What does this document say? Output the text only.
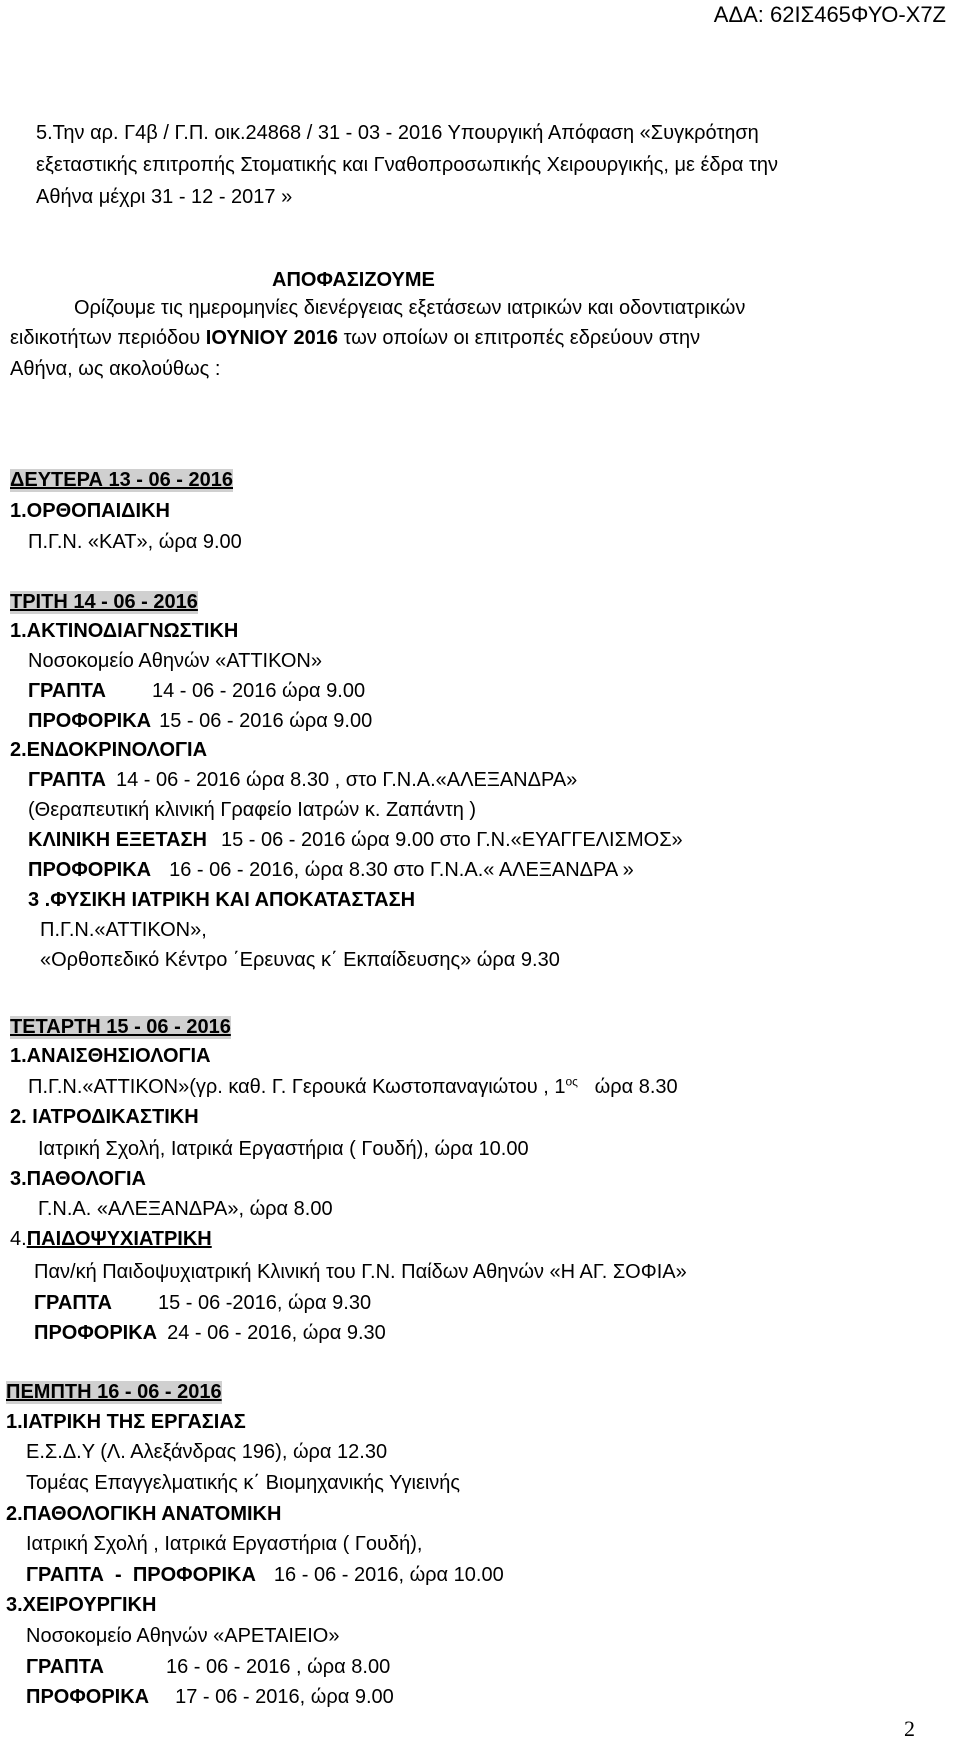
ΑΔΑ: 62ΙΣ465ΦΥΟ-Χ7Ζ
5.Την αρ. Γ4β / Γ.Π. οικ.24868 / 31 - 03 - 2016 Υπουργική Απόφαση «Συγκρότηση
εξεταστικής επιτροπής Στοματικής και Γναθοπροσωπικής Χειρουργικής, με έδρα την
Αθήνα μέχρι 31 - 12 - 2017 »
ΑΠΟΦΑΣΙΖΟΥΜΕ
Ορίζουμε τις ημερομηνίες διενέργειας εξετάσεων ιατρικών και οδοντιατρικών
ειδικοτήτων περιόδου ΙΟΥΝΙΟΥ 2016 των οποίων οι επιτροπές εδρεύουν στην
Αθήνα, ως ακολούθως :
ΔΕΥΤΕΡΑ 13 - 06 - 2016
1.ΟΡΘΟΠΑΙΔΙΚΗ
Π.Γ.Ν. «ΚΑΤ», ώρα 9.00
ΤΡΙΤΗ 14 - 06 - 2016
1.ΑΚΤΙΝΟΔΙΑΓΝΩΣΤΙΚΗ
Νοσοκομείο Αθηνών «ΑΤΤΙΚΟΝ»
ΓΡΑΠΤΑ 14 - 06 - 2016 ώρα 9.00
ΠΡΟΦΟΡΙΚΑ 15 - 06 - 2016 ώρα 9.00
2.ΕΝΔΟΚΡΙΝΟΛΟΓΙΑ
ΓΡΑΠΤΑ 14 - 06 - 2016 ώρα 8.30 , στο Γ.Ν.Α.«ΑΛΕΞΑΝΔΡΑ»
(Θεραπευτική κλινική Γραφείο Ιατρών κ. Ζαπάντη )
ΚΛΙΝΙΚΗ ΕΞΕΤΑΣΗ 15 - 06 - 2016 ώρα 9.00 στο Γ.Ν.«ΕΥΑΓΓΕΛΙΣΜΟΣ»
ΠΡΟΦΟΡΙΚΑ 16 - 06 - 2016, ώρα 8.30 στο Γ.Ν.Α.« ΑΛΕΞΑΝΔΡΑ »
3 .ΦΥΣΙΚΗ ΙΑΤΡΙΚΗ ΚΑΙ ΑΠΟΚΑΤΑΣΤΑΣΗ
Π.Γ.Ν.«ΑΤΤΙΚΟΝ»,
«Ορθοπεδικό Κέντρο ΄Ερευνας κ΄ Εκπαίδευσης» ώρα 9.30
ΤΕΤΑΡΤΗ 15 - 06 - 2016
1.ΑΝΑΙΣΘΗΣΙΟΛΟΓΙΑ
Π.Γ.Ν.«ΑΤΤΙΚΟΝ»(γρ. καθ. Γ. Γερουκά Κωστοπαναγιώτου , $1^{o\varsigma}$   ώρα 8.30
2. ΙΑΤΡΟΔΙΚΑΣΤΙΚΗ
Ιατρική Σχολή, Ιατρικά Εργαστήρια ( Γουδή), ώρα 10.00
3.ΠΑΘΟΛΟΓΙΑ
Γ.Ν.Α. «ΑΛΕΞΑΝΔΡΑ», ώρα 8.00
4.ΠΑΙΔΟΨΥΧΙΑΤΡΙΚΗ
Παν/κή Παιδοψυχιατρική Κλινική του Γ.Ν. Παίδων Αθηνών «Η ΑΓ. ΣΟΦΙΑ»
ΓΡΑΠΤΑ 15 - 06 -2016, ώρα 9.30
ΠΡΟΦΟΡΙΚΑ 24 - 06 - 2016, ώρα 9.30
ΠΕΜΠΤΗ 16 - 06 - 2016
1.ΙΑΤΡΙΚΗ ΤΗΣ ΕΡΓΑΣΙΑΣ
Ε.Σ.Δ.Υ (Λ. Αλεξάνδρας 196), ώρα 12.30
Τομέας Επαγγελματικής κ΄ Βιομηχανικής Υγιεινής
2.ΠΑΘΟΛΟΓΙΚΗ ΑΝΑΤΟΜΙΚΗ
Ιατρική Σχολή , Ιατρικά Εργαστήρια ( Γουδή),
ΓΡΑΠΤΑ  -  ΠΡΟΦΟΡΙΚΑ 16 - 06 - 2016, ώρα 10.00
3.ΧΕΙΡΟΥΡΓΙΚΗ
Νοσοκομείο Αθηνών «ΑΡΕΤΑΙΕΙΟ»
ΓΡΑΠΤΑ	16 - 06 - 2016 , ώρα 8.00
ΠΡΟΦΟΡΙΚΑ 17 - 06 - 2016, ώρα 9.00
2
